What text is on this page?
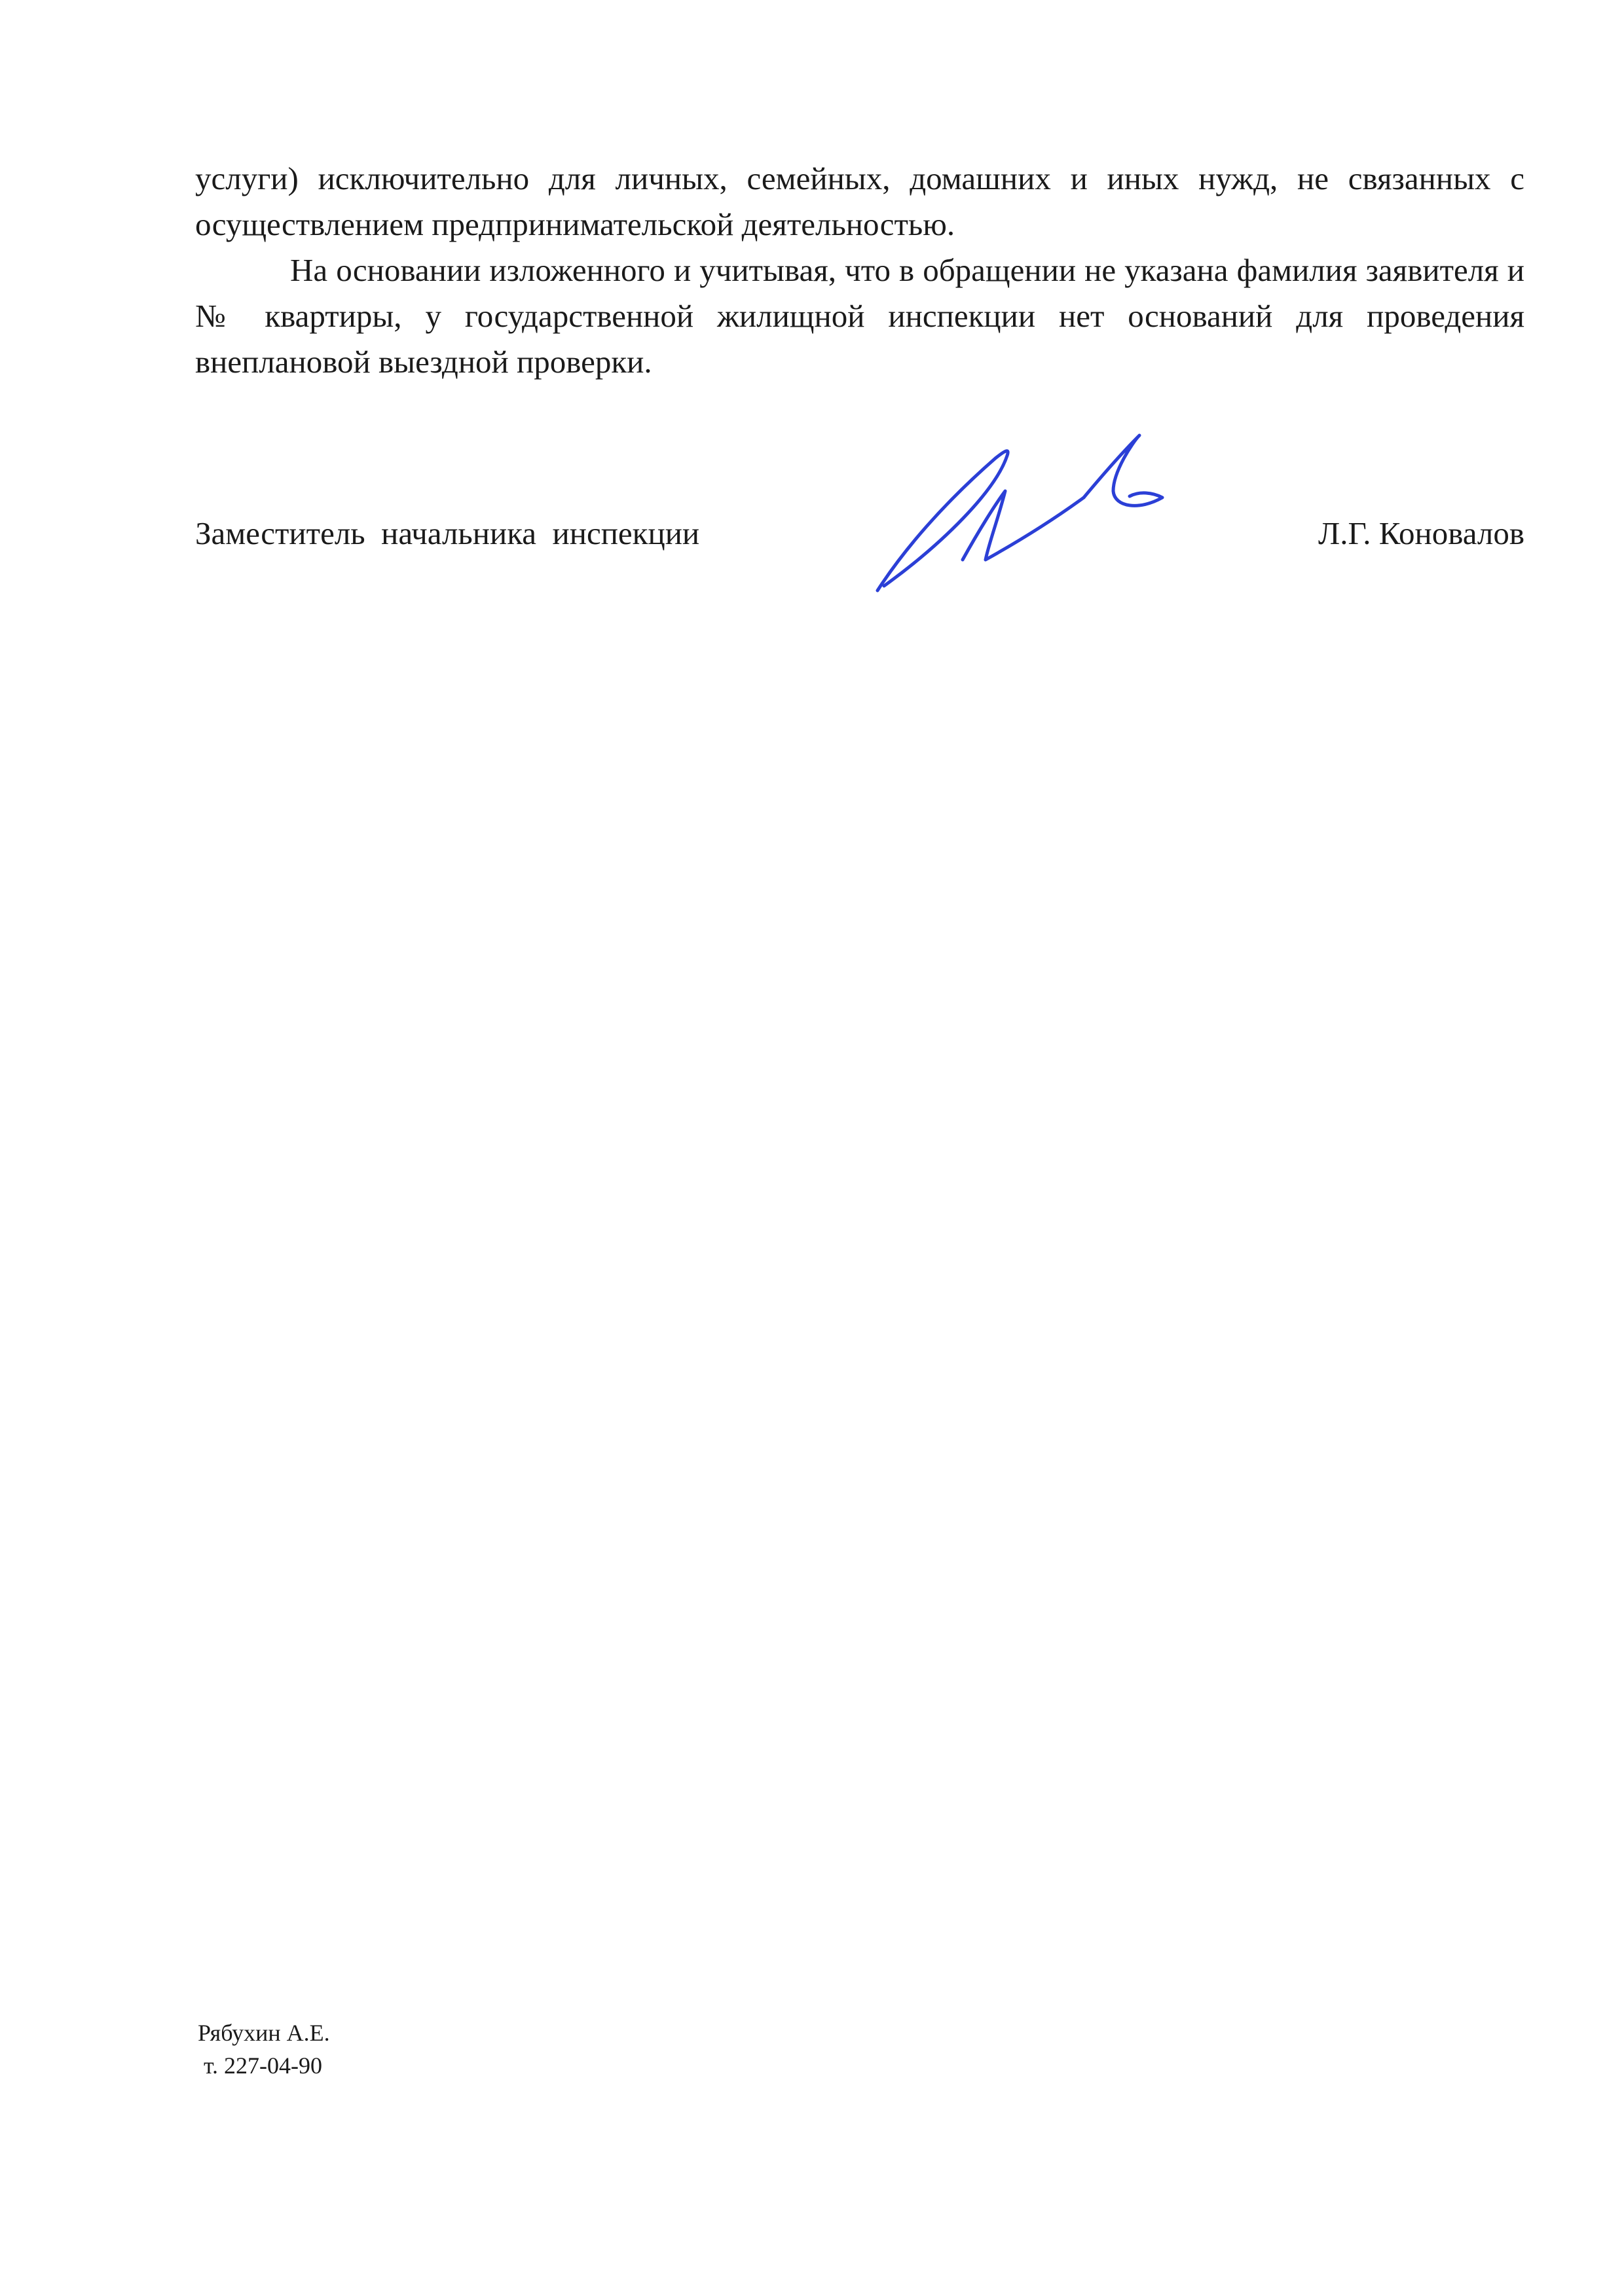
услуги) исключительно для личных, семейных, домашних и иных нужд, не связанных с осуществлением предпринимательской деятельностью.

На основании изложенного и учитывая, что в обращении не указана фамилия заявителя и № квартиры, у государственной жилищной инспекции нет оснований для проведения внеплановой выездной проверки.

Заместитель  начальника  инспекции	Л.Г. Коновалов
Рябухин А.Е.
т. 227-04-90
